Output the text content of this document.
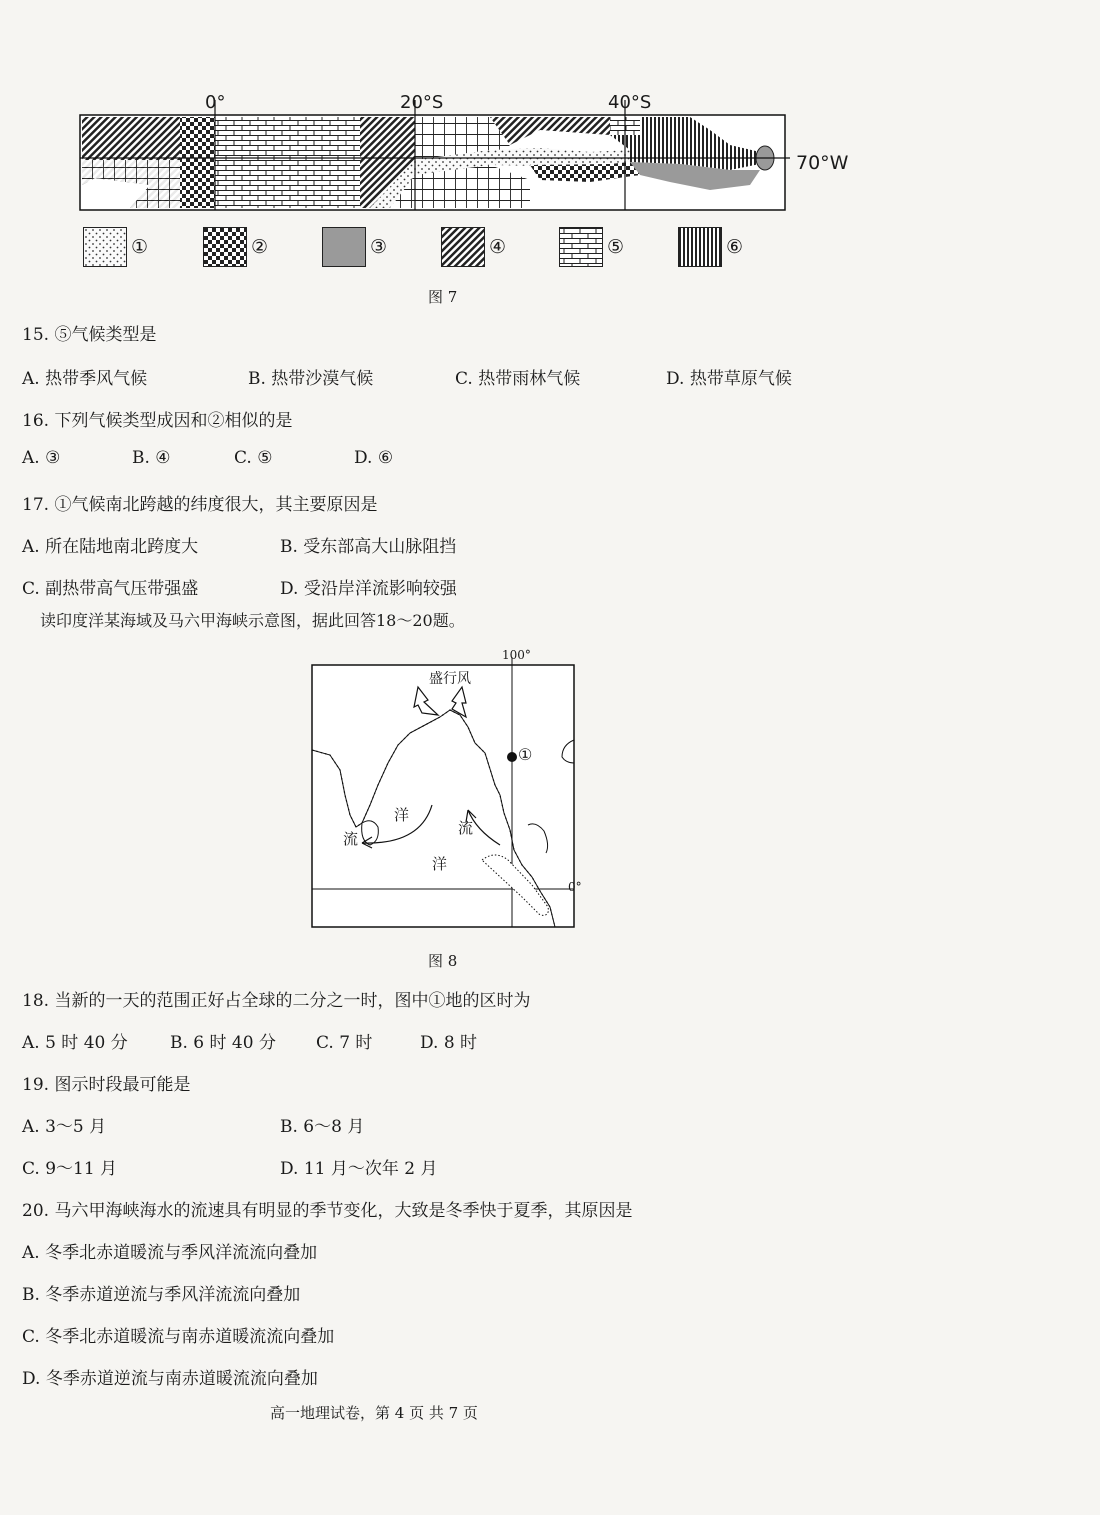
0°	20°S	40°S
70°W
①	②	③	④	⑤	⑥
图 7
15. ⑤气候类型是
A. 热带季风气候	B. 热带沙漠气候	C. 热带雨林气候	D. 热带草原气候
16. 下列气候类型成因和②相似的是
A. ③	B. ④	C. ⑤	D. ⑥
17. ①气候南北跨越的纬度很大，其主要原因是
A. 所在陆地南北跨度大	B. 受东部高大山脉阻挡
C. 副热带高气压带强盛	D. 受沿岸洋流影响较强
读印度洋某海域及马六甲海峡示意图，据此回答18～20题。
100°
0°
盛行风
①
洋
流
流
洋
图 8
18. 当新的一天的范围正好占全球的二分之一时，图中①地的区时为
A. 5 时 40 分 B. 6 时 40 分 C. 7 时	D. 8 时
19. 图示时段最可能是
A. 3～5 月	B. 6～8 月
C. 9～11 月	D. 11 月～次年 2 月
20. 马六甲海峡海水的流速具有明显的季节变化，大致是冬季快于夏季，其原因是
A. 冬季北赤道暖流与季风洋流流向叠加
B. 冬季赤道逆流与季风洋流流向叠加
C. 冬季北赤道暖流与南赤道暖流流向叠加
D. 冬季赤道逆流与南赤道暖流流向叠加
高一地理试卷，第 4 页 共 7 页
